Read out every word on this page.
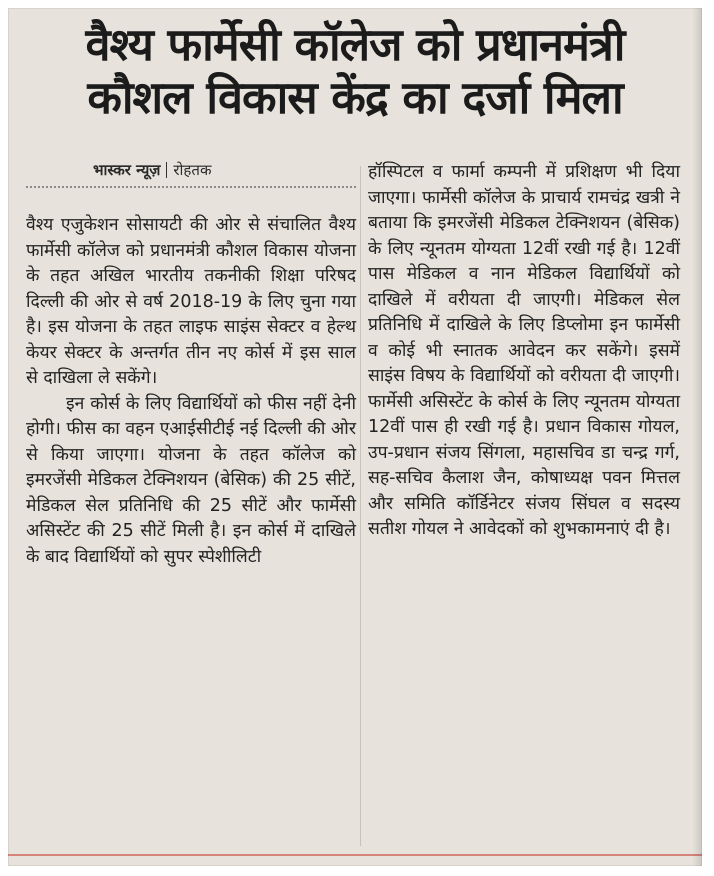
वैश्य फार्मेसी कॉलेज को प्रधानमंत्री
कौशल विकास केंद्र का दर्जा मिला
भास्कर न्यूज़ रोहतक

वैश्य एजुकेशन सोसायटी की ओर से संचालित वैश्य फार्मेसी कॉलेज को प्रधानमंत्री कौशल विकास योजना के तहत अखिल भारतीय तकनीकी शिक्षा परिषद दिल्ली की ओर से वर्ष 2018-19 के लिए चुना गया है। इस योजना के तहत लाइफ साइंस सेक्टर व हेल्थ केयर सेक्टर के अन्तर्गत तीन नए कोर्स में इस साल से दाखिला ले सकेंगे।

इन कोर्स के लिए विद्यार्थियों को फीस नहीं देनी होगी। फीस का वहन एआईसीटीई नई दिल्ली की ओर से किया जाएगा। योजना के तहत कॉलेज को इमरजेंसी मेडिकल टेक्निशयन (बेसिक) की 25 सीटें, मेडिकल सेल प्रतिनिधि की 25 सीटें और फार्मेसी असिस्टेंट की 25 सीटें मिली है। इन कोर्स में दाखिले के बाद विद्यार्थियों को सुपर स्पेशीलिटी

हॉस्पिटल व फार्मा कम्पनी में प्रशिक्षण भी दिया जाएगा। फार्मेसी कॉलेज के प्राचार्य रामचंद्र खत्री ने बताया कि इमरजेंसी मेडिकल टेक्निशयन (बेसिक) के लिए न्यूनतम योग्यता 12वीं रखी गई है। 12वीं पास मेडिकल व नान मेडिकल विद्यार्थियों को दाखिले में वरीयता दी जाएगी। मेडिकल सेल प्रतिनिधि में दाखिले के लिए डिप्लोमा इन फार्मेसी व कोई भी स्नातक आवेदन कर सकेंगे। इसमें साइंस विषय के विद्यार्थियों को वरीयता दी जाएगी। फार्मेसी असिस्टेंट के कोर्स के लिए न्यूनतम योग्यता 12वीं पास ही रखी गई है। प्रधान विकास गोयल, उप-प्रधान संजय सिंगला, महासचिव डा चन्द्र गर्ग, सह-सचिव कैलाश जैन, कोषाध्यक्ष पवन मित्तल और समिति कॉर्डिनेटर संजय सिंघल व सदस्य सतीश गोयल ने आवेदकों को शुभकामनाएं दी है।
